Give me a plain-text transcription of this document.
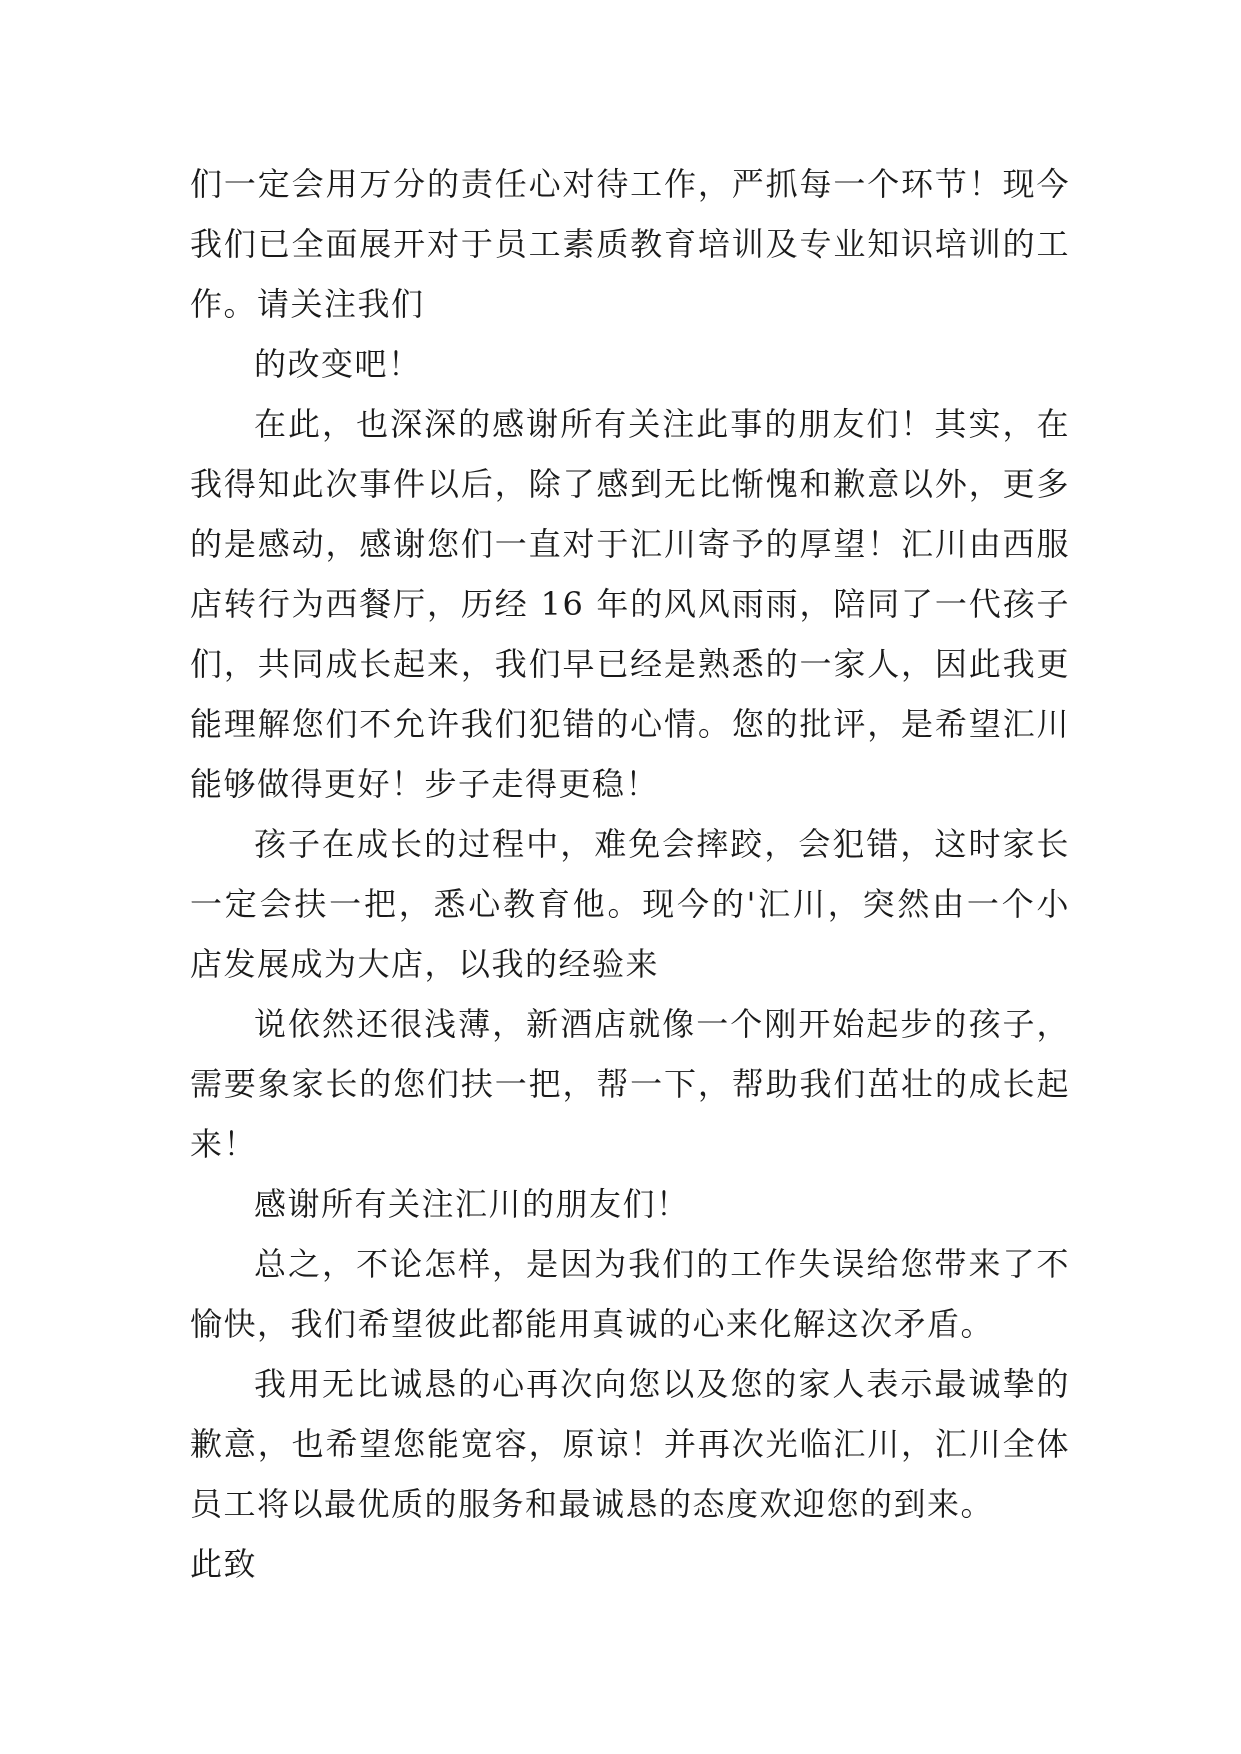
们一定会用万分的责任心对待工作，严抓每一个环节！现今我们已全面展开对于员工素质教育培训及专业知识培训的工作。请关注我们

的改变吧！

在此，也深深的感谢所有关注此事的朋友们！其实，在我得知此次事件以后，除了感到无比惭愧和歉意以外，更多的是感动，感谢您们一直对于汇川寄予的厚望！汇川由西服店转行为西餐厅，历经 16 年的风风雨雨，陪同了一代孩子们，共同成长起来，我们早已经是熟悉的一家人，因此我更能理解您们不允许我们犯错的心情。您的批评，是希望汇川能够做得更好！步子走得更稳！

孩子在成长的过程中，难免会摔跤，会犯错，这时家长一定会扶一把，悉心教育他。现今的'汇川，突然由一个小店发展成为大店，以我的经验来

说依然还很浅薄，新酒店就像一个刚开始起步的孩子，需要象家长的您们扶一把，帮一下，帮助我们茁壮的成长起来！

感谢所有关注汇川的朋友们！

总之，不论怎样，是因为我们的工作失误给您带来了不愉快，我们希望彼此都能用真诚的心来化解这次矛盾。

我用无比诚恳的心再次向您以及您的家人表示最诚挚的歉意，也希望您能宽容，原谅！并再次光临汇川，汇川全体员工将以最优质的服务和最诚恳的态度欢迎您的到来。

此致
